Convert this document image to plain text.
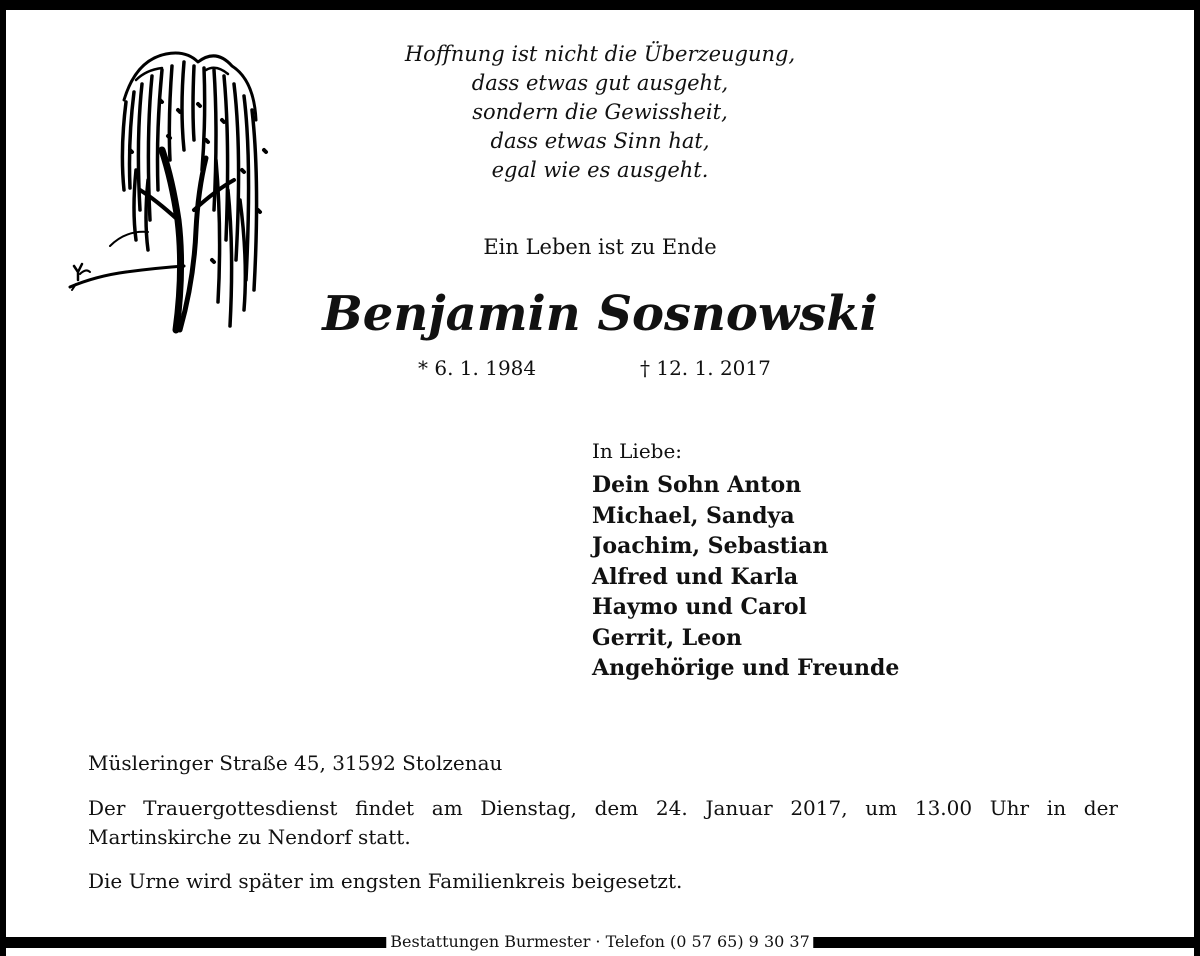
Hoffnung ist nicht die Überzeugung,
dass etwas gut ausgeht,
sondern die Gewissheit,
dass etwas Sinn hat,
egal wie es ausgeht.
Ein Leben ist zu Ende
Benjamin Sosnowski
* 6. 1. 1984	† 12. 1. 2017
In Liebe:
Dein Sohn Anton
Michael, Sandya
Joachim, Sebastian
Alfred und Karla
Haymo und Carol
Gerrit, Leon
Angehörige und Freunde
Müsleringer Straße 45, 31592 Stolzenau
Der Trauergottesdienst findet am Dienstag, dem 24. Januar 2017, um 13.00 Uhr in der Martinskirche zu Nendorf statt.
Die Urne wird später im engsten Familienkreis beigesetzt.
Bestattungen Burmester · Telefon (0 57 65) 9 30 37
